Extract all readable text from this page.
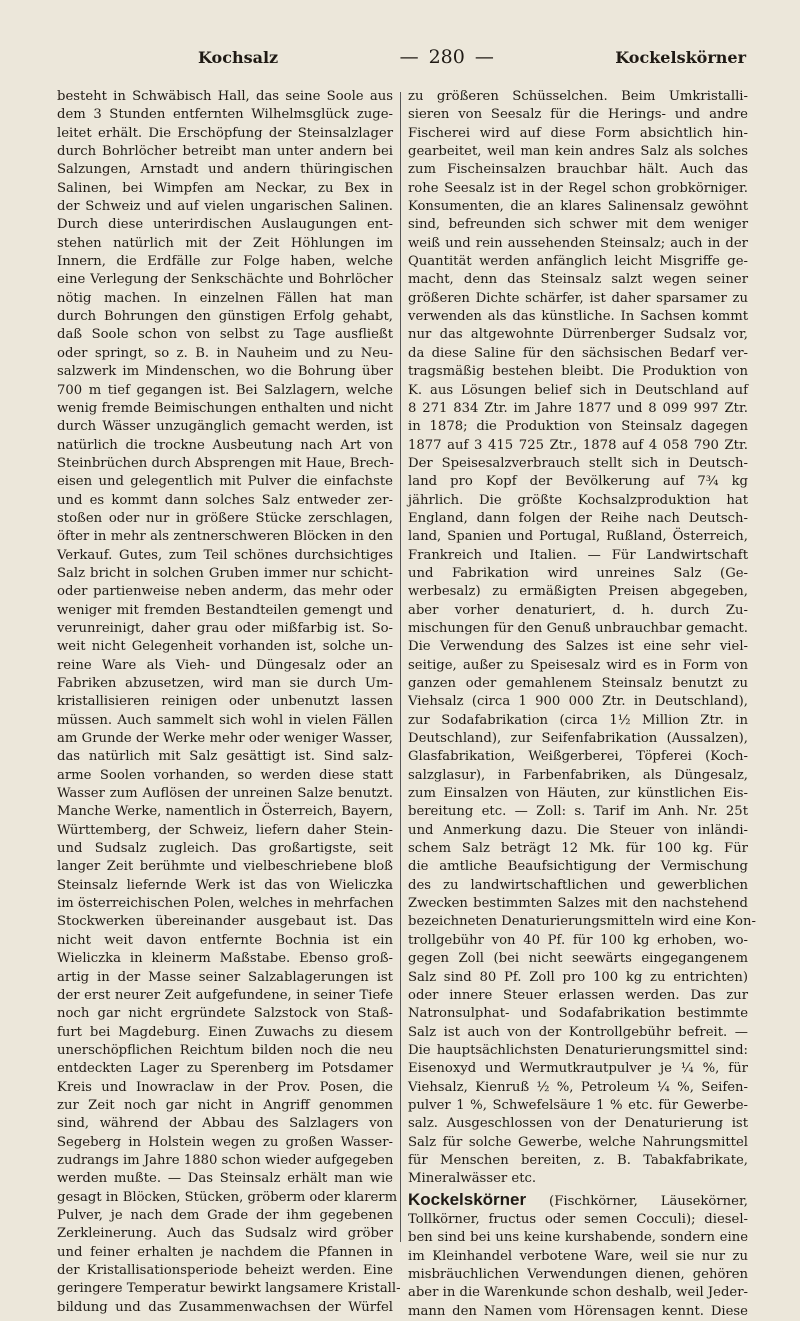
Kochsalz	— 280 —	Kockelskörner

besteht in Schwäbisch Hall, das seine Soole aus

dem 3 Stunden entfernten Wilhelmsglück zuge-

leitet erhält. Die Erschöpfung der Steinsalzlager

durch Bohrlöcher betreibt man unter andern bei

Salzungen, Arnstadt und andern thüringischen

Salinen, bei Wimpfen am Neckar, zu Bex in

der Schweiz und auf vielen ungarischen Salinen.

Durch diese unterirdischen Auslaugungen ent-

stehen natürlich mit der Zeit Höhlungen im

Innern, die Erdfälle zur Folge haben, welche

eine Verlegung der Senkschächte und Bohrlöcher

nötig machen. In einzelnen Fällen hat man

durch Bohrungen den günstigen Erfolg gehabt,

daß Soole schon von selbst zu Tage ausfließt

oder springt, so z. B. in Nauheim und zu Neu-

salzwerk im Mindenschen, wo die Bohrung über

700 m tief gegangen ist. Bei Salzlagern, welche

wenig fremde Beimischungen enthalten und nicht

durch Wässer unzugänglich gemacht werden, ist

natürlich die trockne Ausbeutung nach Art von

Steinbrüchen durch Absprengen mit Haue, Brech-

eisen und gelegentlich mit Pulver die einfachste

und es kommt dann solches Salz entweder zer-

stoßen oder nur in größere Stücke zerschlagen,

öfter in mehr als zentnerschweren Blöcken in den

Verkauf. Gutes, zum Teil schönes durchsichtiges

Salz bricht in solchen Gruben immer nur schicht-

oder partienweise neben anderm, das mehr oder

weniger mit fremden Bestandteilen gemengt und

verunreinigt, daher grau oder mißfarbig ist. So-

weit nicht Gelegenheit vorhanden ist, solche un-

reine Ware als Vieh- und Düngesalz oder an

Fabriken abzusetzen, wird man sie durch Um-

kristallisieren reinigen oder unbenutzt lassen

müssen. Auch sammelt sich wohl in vielen Fällen

am Grunde der Werke mehr oder weniger Wasser,

das natürlich mit Salz gesättigt ist. Sind salz-

arme Soolen vorhanden, so werden diese statt

Wasser zum Auflösen der unreinen Salze benutzt.

Manche Werke, namentlich in Österreich, Bayern,

Württemberg, der Schweiz, liefern daher Stein-

und Sudsalz zugleich. Das großartigste, seit

langer Zeit berühmte und vielbeschriebene bloß

Steinsalz liefernde Werk ist das von Wieliczka

im österreichischen Polen, welches in mehrfachen

Stockwerken übereinander ausgebaut ist. Das

nicht weit davon entfernte Bochnia ist ein

Wieliczka in kleinerm Maßstabe. Ebenso groß-

artig in der Masse seiner Salzablagerungen ist

der erst neurer Zeit aufgefundene, in seiner Tiefe

noch gar nicht ergründete Salzstock von Staß-

furt bei Magdeburg. Einen Zuwachs zu diesem

unerschöpflichen Reichtum bilden noch die neu

entdeckten Lager zu Sperenberg im Potsdamer

Kreis und Inowraclaw in der Prov. Posen, die

zur Zeit noch gar nicht in Angriff genommen

sind, während der Abbau des Salzlagers von

Segeberg in Holstein wegen zu großen Wasser-

zudrangs im Jahre 1880 schon wieder aufgegeben

werden mußte. — Das Steinsalz erhält man wie

gesagt in Blöcken, Stücken, gröberm oder klarerm

Pulver, je nach dem Grade der ihm gegebenen

Zerkleinerung. Auch das Sudsalz wird gröber

und feiner erhalten je nachdem die Pfannen in

der Kristallisationsperiode beheizt werden. Eine

geringere Temperatur bewirkt langsamere Kristall-

bildung und das Zusammenwachsen der Würfel

zu größeren Schüsselchen. Beim Umkristalli-

sieren von Seesalz für die Herings- und andre

Fischerei wird auf diese Form absichtlich hin-

gearbeitet, weil man kein andres Salz als solches

zum Fischeinsalzen brauchbar hält. Auch das

rohe Seesalz ist in der Regel schon grobkörniger.

Konsumenten, die an klares Salinensalz gewöhnt

sind, befreunden sich schwer mit dem weniger

weiß und rein aussehenden Steinsalz; auch in der

Quantität werden anfänglich leicht Misgriffe ge-

macht, denn das Steinsalz salzt wegen seiner

größeren Dichte schärfer, ist daher sparsamer zu

verwenden als das künstliche. In Sachsen kommt

nur das altgewohnte Dürrenberger Sudsalz vor,

da diese Saline für den sächsischen Bedarf ver-

tragsmäßig bestehen bleibt. Die Produktion von

K. aus Lösungen belief sich in Deutschland auf

8 271 834 Ztr. im Jahre 1877 und 8 099 997 Ztr.

in 1878; die Produktion von Steinsalz dagegen

1877 auf 3 415 725 Ztr., 1878 auf 4 058 790 Ztr.

Der Speisesalzverbrauch stellt sich in Deutsch-

land pro Kopf der Bevölkerung auf 7¾ kg

jährlich. Die größte Kochsalzproduktion hat

England, dann folgen der Reihe nach Deutsch-

land, Spanien und Portugal, Rußland, Österreich,

Frankreich und Italien. — Für Landwirtschaft

und Fabrikation wird unreines Salz (Ge-

werbesalz) zu ermäßigten Preisen abgegeben,

aber vorher denaturiert, d. h. durch Zu-

mischungen für den Genuß unbrauchbar gemacht.

Die Verwendung des Salzes ist eine sehr viel-

seitige, außer zu Speisesalz wird es in Form von

ganzen oder gemahlenem Steinsalz benutzt zu

Viehsalz (circa 1 900 000 Ztr. in Deutschland),

zur Sodafabrikation (circa 1½ Million Ztr. in

Deutschland), zur Seifenfabrikation (Aussalzen),

Glasfabrikation, Weißgerberei, Töpferei (Koch-

salzglasur), in Farbenfabriken, als Düngesalz,

zum Einsalzen von Häuten, zur künstlichen Eis-

bereitung etc. — Zoll: s. Tarif im Anh. Nr. 25t

und Anmerkung dazu. Die Steuer von inländi-

schem Salz beträgt 12 Mk. für 100 kg. Für

die amtliche Beaufsichtigung der Vermischung

des zu landwirtschaftlichen und gewerblichen

Zwecken bestimmten Salzes mit den nachstehend

bezeichneten Denaturierungsmitteln wird eine Kon-

trollgebühr von 40 Pf. für 100 kg erhoben, wo-

gegen Zoll (bei nicht seewärts eingegangenem

Salz sind 80 Pf. Zoll pro 100 kg zu entrichten)

oder innere Steuer erlassen werden. Das zur

Natronsulphat- und Sodafabrikation bestimmte

Salz ist auch von der Kontrollgebühr befreit. —

Die hauptsächlichsten Denaturierungsmittel sind:

Eisenoxyd und Wermutkrautpulver je ¼ %, für

Viehsalz, Kienruß ½ %, Petroleum ¼ %, Seifen-

pulver 1 %, Schwefelsäure 1 % etc. für Gewerbe-

salz. Ausgeschlossen von der Denaturierung ist

Salz für solche Gewerbe, welche Nahrungsmittel

für Menschen bereiten, z. B. Tabakfabrikate,

Mineralwässer etc.

Kockelskörner (Fischkörner, Läusekörner,

Tollkörner, fructus oder semen Cocculi); diesel-

ben sind bei uns keine kurshabende, sondern eine

im Kleinhandel verbotene Ware, weil sie nur zu

misbräuchlichen Verwendungen dienen, gehören

aber in die Warenkunde schon deshalb, weil Jeder-

mann den Namen vom Hörensagen kennt. Diese
